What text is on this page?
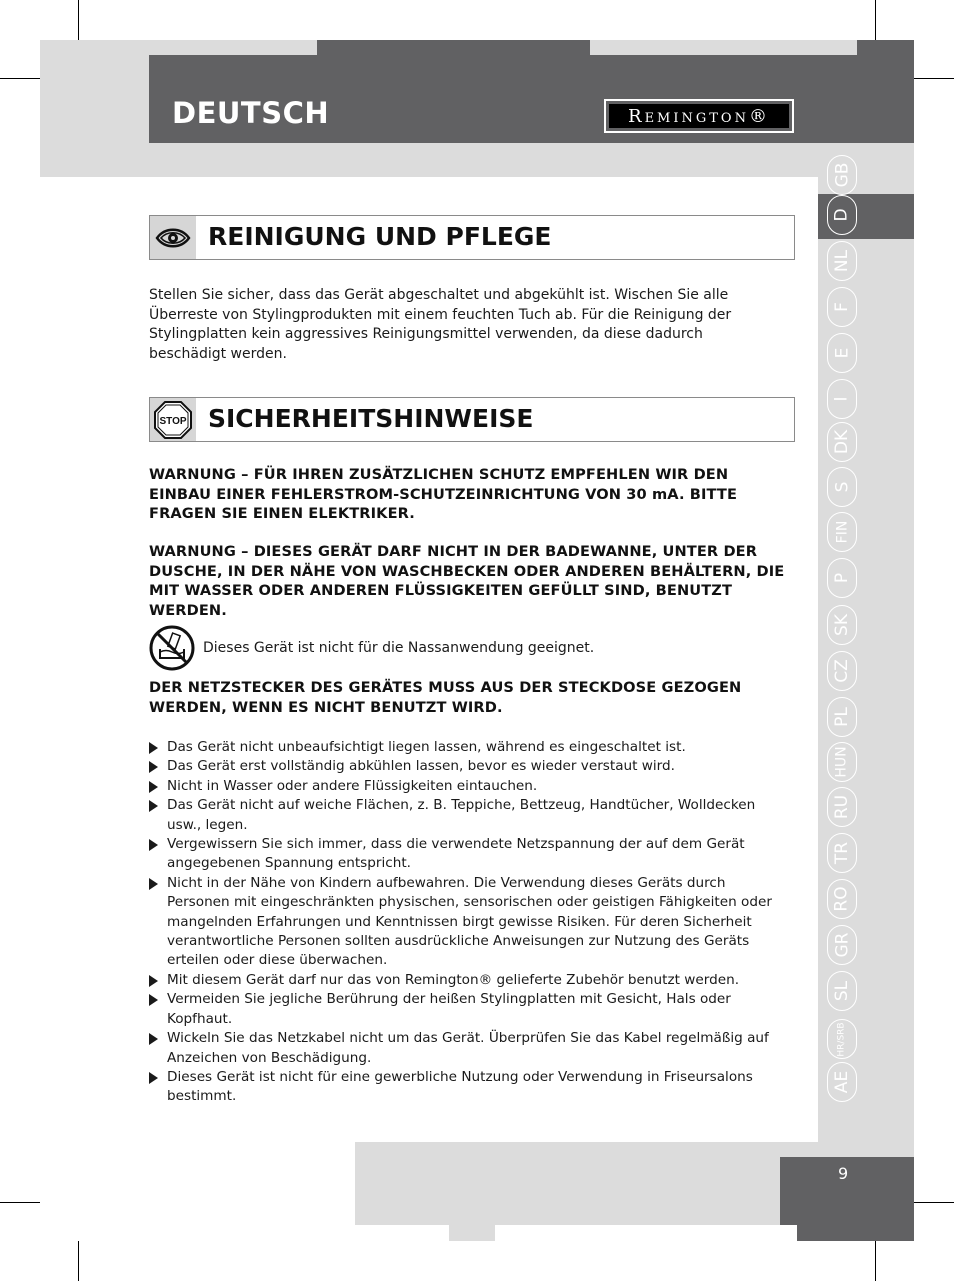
DEUTSCH	Remington®
GB
D
NL
F
E
I
DK
S
FIN
P
SK
CZ
PL
HUN
RU
TR
RO
GR
SL
HR/SRB
AE
REINIGUNG UND PFLEGE
Stellen Sie sicher, dass das Gerät abgeschaltet und abgekühlt ist. Wischen Sie alle Überreste von Stylingprodukten mit einem feuchten Tuch ab. Für die Reinigung der Stylingplatten kein aggressives Reinigungsmittel verwenden, da diese dadurch beschädigt werden.
STOP SICHERHEITSHINWEISE
WARNUNG – FÜR IHREN ZUSÄTZLICHEN SCHUTZ EMPFEHLEN WIR DEN EINBAU EINER FEHLERSTROM-SCHUTZEINRICHTUNG VON 30 mA. BITTE FRAGEN SIE EINEN ELEKTRIKER.
WARNUNG – DIESES GERÄT DARF NICHT IN DER BADEWANNE, UNTER DER DUSCHE, IN DER NÄHE VON WASCHBECKEN ODER ANDEREN BEHÄLTERN, DIE MIT WASSER ODER ANDEREN FLÜSSIGKEITEN GEFÜLLT SIND, BENUTZT WERDEN.
Dieses Gerät ist nicht für die Nassanwendung geeignet.
DER NETZSTECKER DES GERÄTES MUSS AUS DER STECKDOSE GEZOGEN WERDEN, WENN ES NICHT BENUTZT WIRD.
Das Gerät nicht unbeaufsichtigt liegen lassen, während es eingeschaltet ist.
Das Gerät erst vollständig abkühlen lassen, bevor es wieder verstaut wird.
Nicht in Wasser oder andere Flüssigkeiten eintauchen.
Das Gerät nicht auf weiche Flächen, z. B. Teppiche, Bettzeug, Handtücher, Wolldecken usw., legen.
Vergewissern Sie sich immer, dass die verwendete Netzspannung der auf dem Gerät angegebenen Spannung entspricht.
Nicht in der Nähe von Kindern aufbewahren. Die Verwendung dieses Geräts durch Personen mit eingeschränkten physischen, sensorischen oder geistigen Fähigkeiten oder mangelnden Erfahrungen und Kenntnissen birgt gewisse Risiken. Für deren Sicherheit verantwortliche Personen sollten ausdrückliche Anweisungen zur Nutzung des Geräts erteilen oder diese überwachen.
Mit diesem Gerät darf nur das von Remington® gelieferte Zubehör benutzt werden.
Vermeiden Sie jegliche Berührung der heißen Stylingplatten mit Gesicht, Hals oder Kopfhaut.
Wickeln Sie das Netzkabel nicht um das Gerät. Überprüfen Sie das Kabel regelmäßig auf Anzeichen von Beschädigung.
Dieses Gerät ist nicht für eine gewerbliche Nutzung oder Verwendung in Friseursalons bestimmt.
9
